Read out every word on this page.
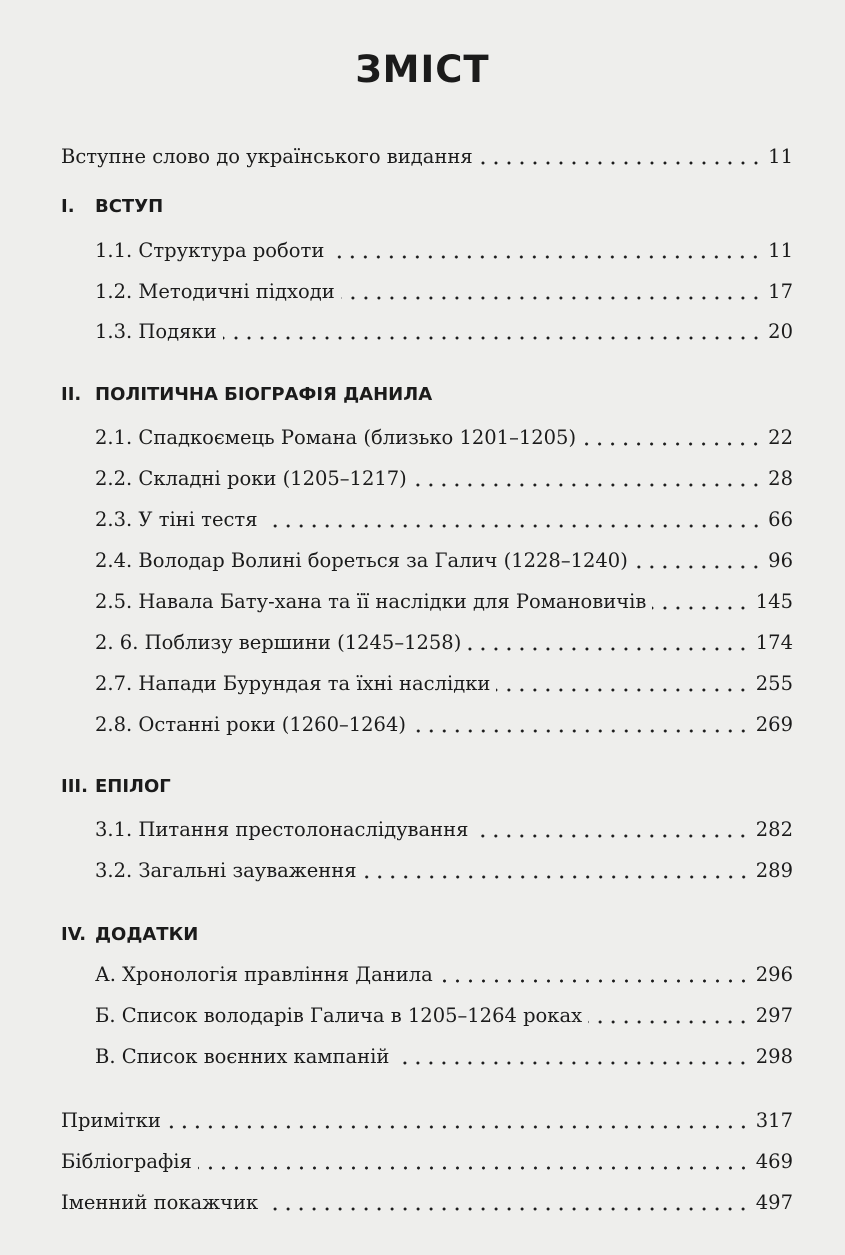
ЗМІСТ
Вступне слово до українського видання	11
I. ВСТУП
1.1. Структура роботи	11
1.2. Методичні підходи	17
1.3. Подяки	20
II. ПОЛІТИЧНА БІОГРАФІЯ ДАНИЛА
2.1. Спадкоємець Романа (близько 1201–1205)	22
2.2. Складні роки (1205–1217)	28
2.3. У тіні тестя	66
2.4. Володар Волині бореться за Галич (1228–1240)	96
2.5. Навала Бату-хана та її наслідки для Романовичів	145
2. 6. Поблизу вершини (1245–1258)	174
2.7. Напади Бурундая та їхні наслідки	255
2.8. Останні роки (1260–1264)	269
III. ЕПІЛОГ
3.1. Питання престолонаслідування	282
3.2. Загальні зауваження	289
IV. ДОДАТКИ
А. Хронологія правління Данила	296
Б. Список володарів Галича в 1205–1264 роках	297
В. Список воєнних кампаній	298
Примітки	317
Бібліографія	469
Іменний покажчик	497
